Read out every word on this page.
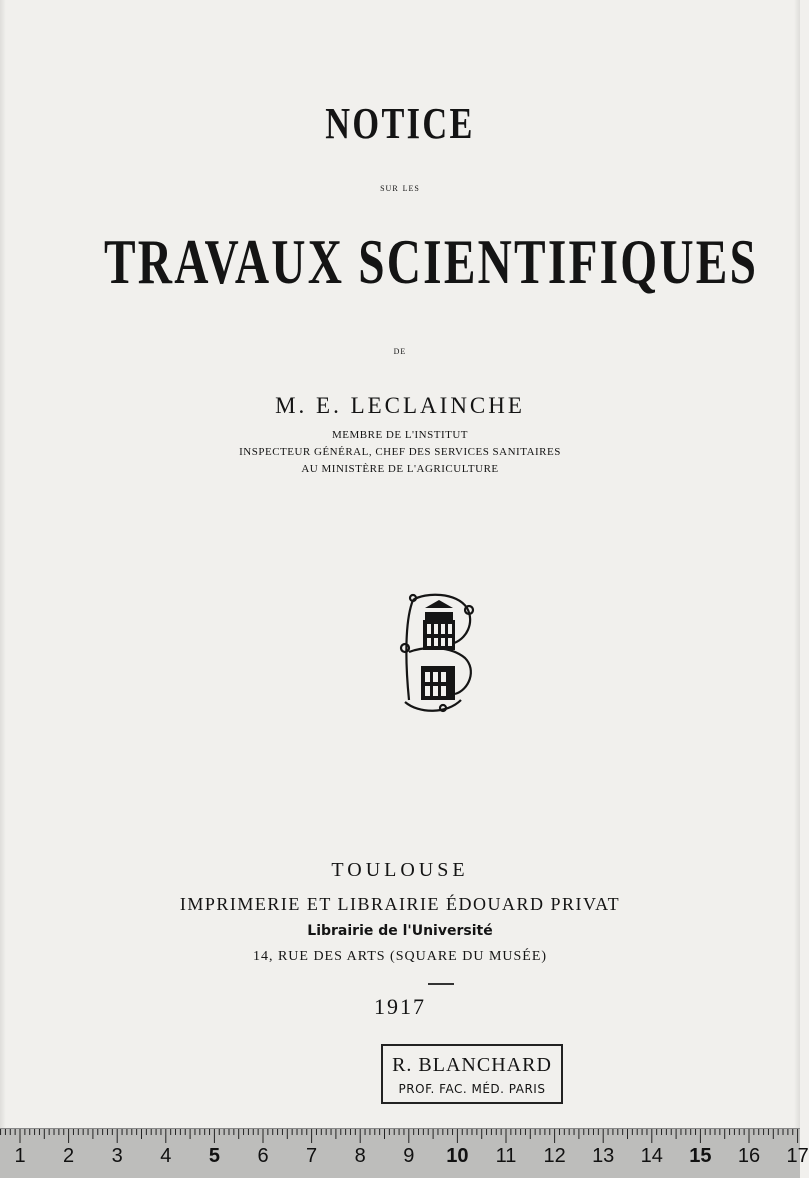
NOTICE
sur les
TRAVAUX SCIENTIFIQUES
de
M. E. LECLAINCHE
MEMBRE DE L'INSTITUT
INSPECTEUR GÉNÉRAL, CHEF DES SERVICES SANITAIRES
AU MINISTÈRE DE L'AGRICULTURE
TOULOUSE
IMPRIMERIE ET LIBRAIRIE ÉDOUARD PRIVAT
Librairie de l'Université
14, RUE DES ARTS (SQUARE DU MUSÉE)
1917
R. BLANCHARD
PROF. FAC. MÉD. PARIS
1 2 3 4 5 6 7 8 9 10 11 12 13 14 15 16 17
